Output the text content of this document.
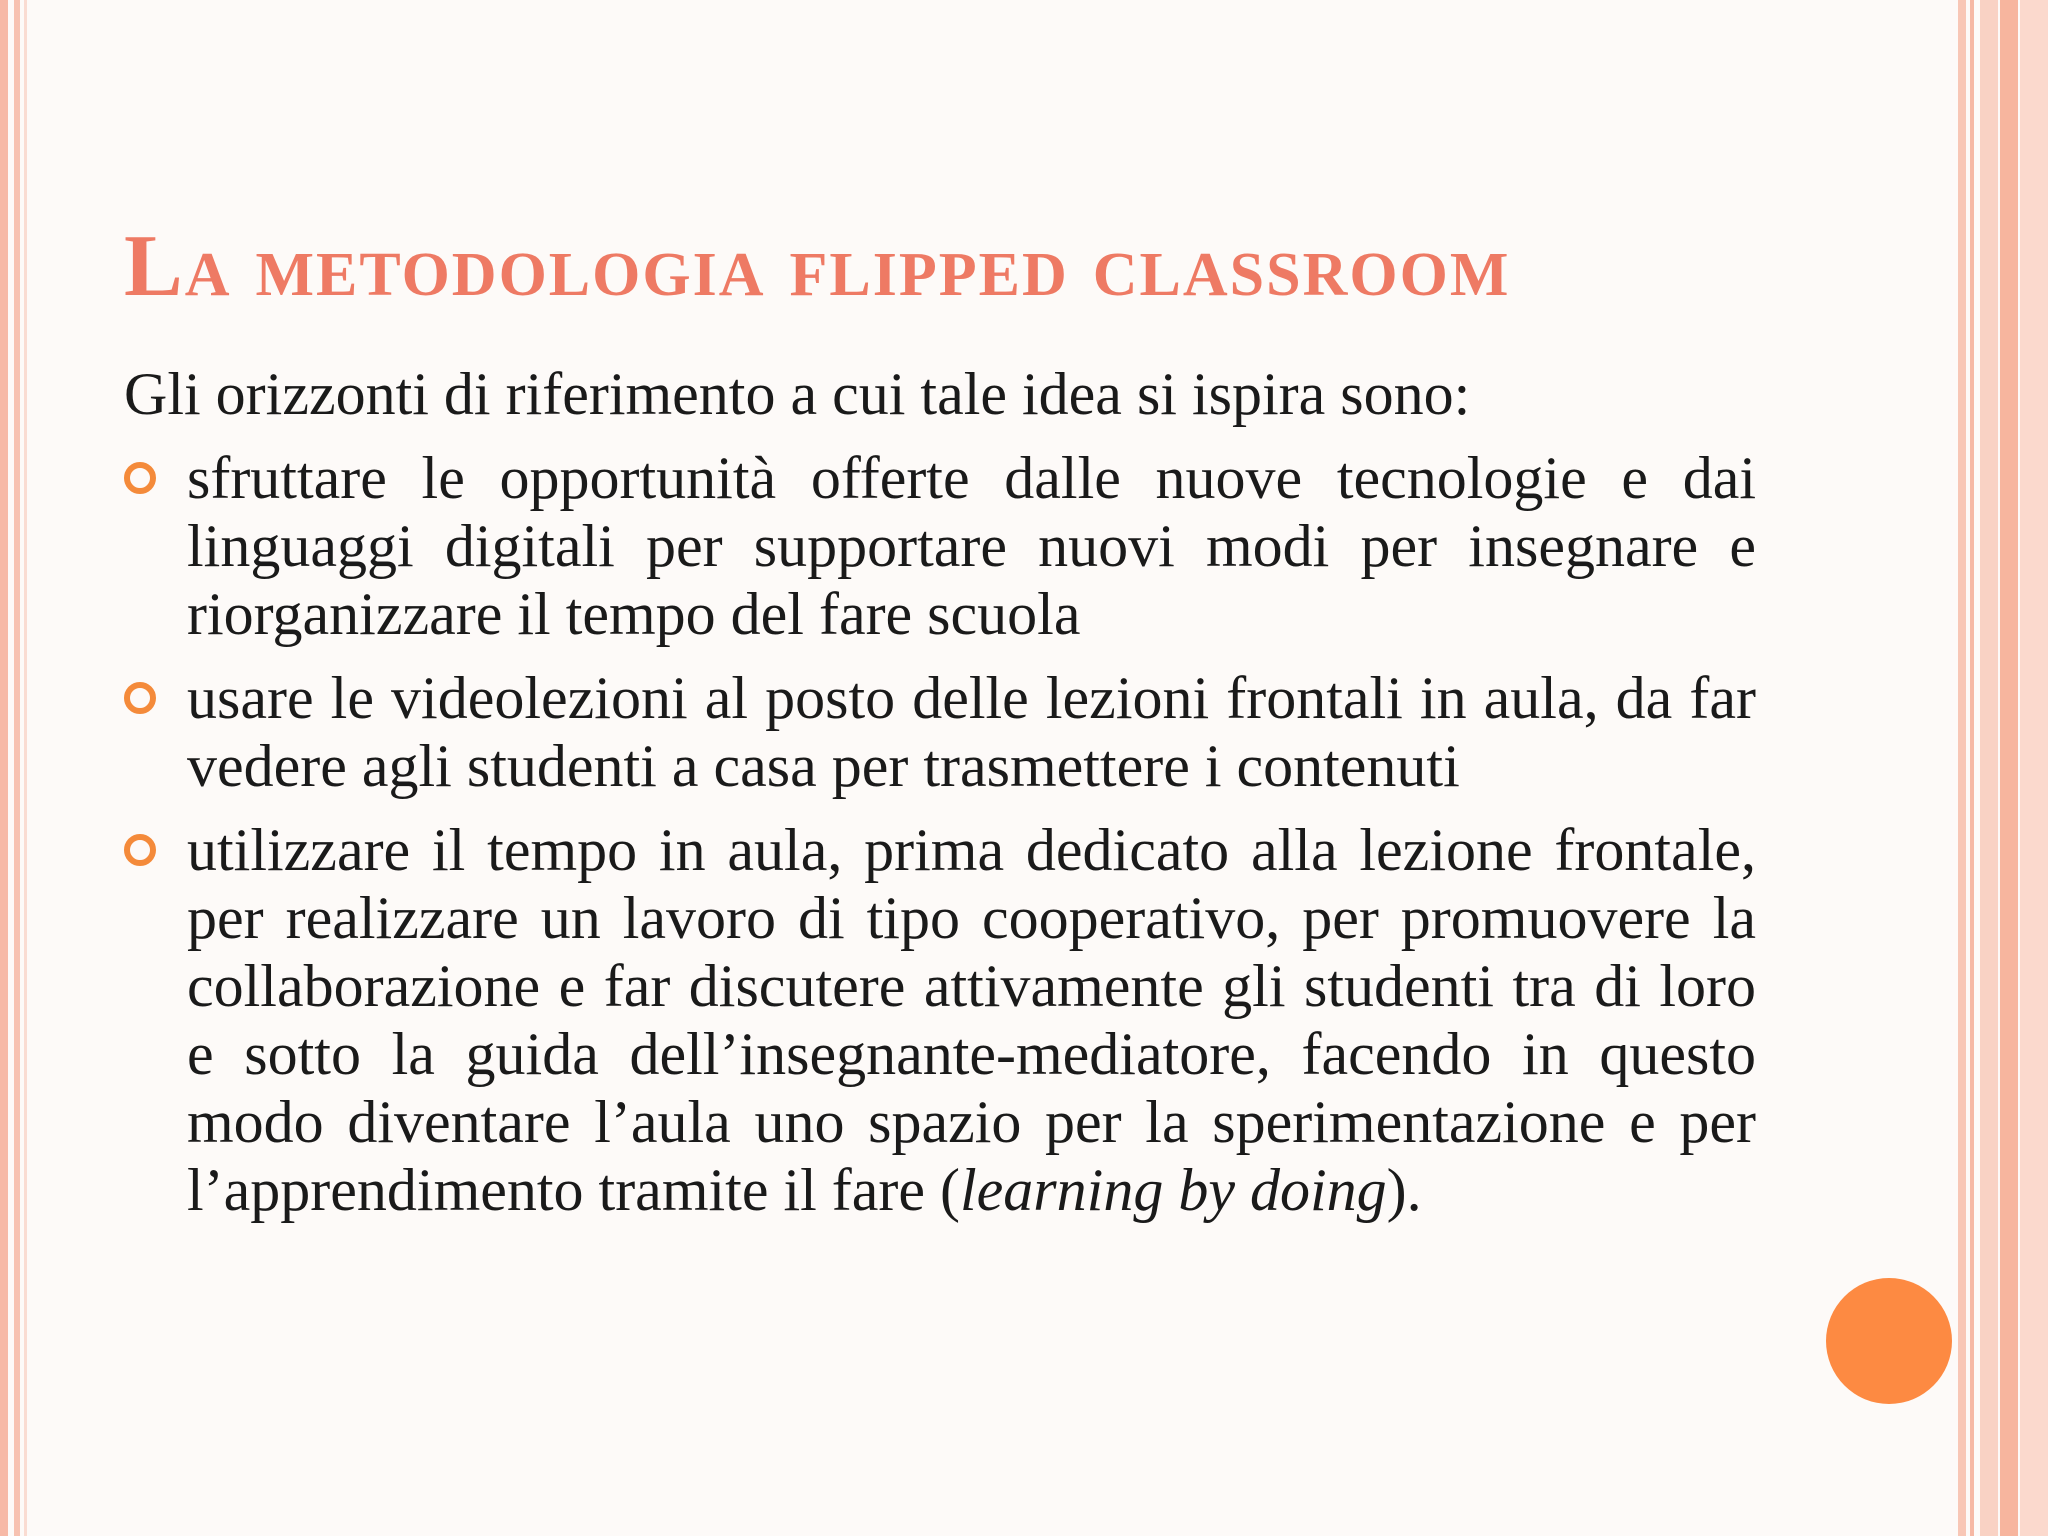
La metodologia flipped classroom

Gli orizzonti di riferimento a cui tale idea si ispira sono:

sfruttare le opportunità offerte dalle nuove tecnologie e dai linguaggi digitali per supportare nuovi modi per insegnare e riorganizzare il tempo del fare scuola
usare le videolezioni al posto delle lezioni frontali in aula, da far vedere agli studenti a casa per trasmettere i contenuti
utilizzare il tempo in aula, prima dedicato alla lezione frontale, per realizzare un lavoro di tipo cooperativo, per promuovere la collaborazione e far discutere attivamente gli studenti tra di loro e sotto la guida dell’insegnante-mediatore, facendo in questo modo diventare l’aula uno spazio per la sperimentazione e per l’apprendimento tramite il fare (learning by doing).
